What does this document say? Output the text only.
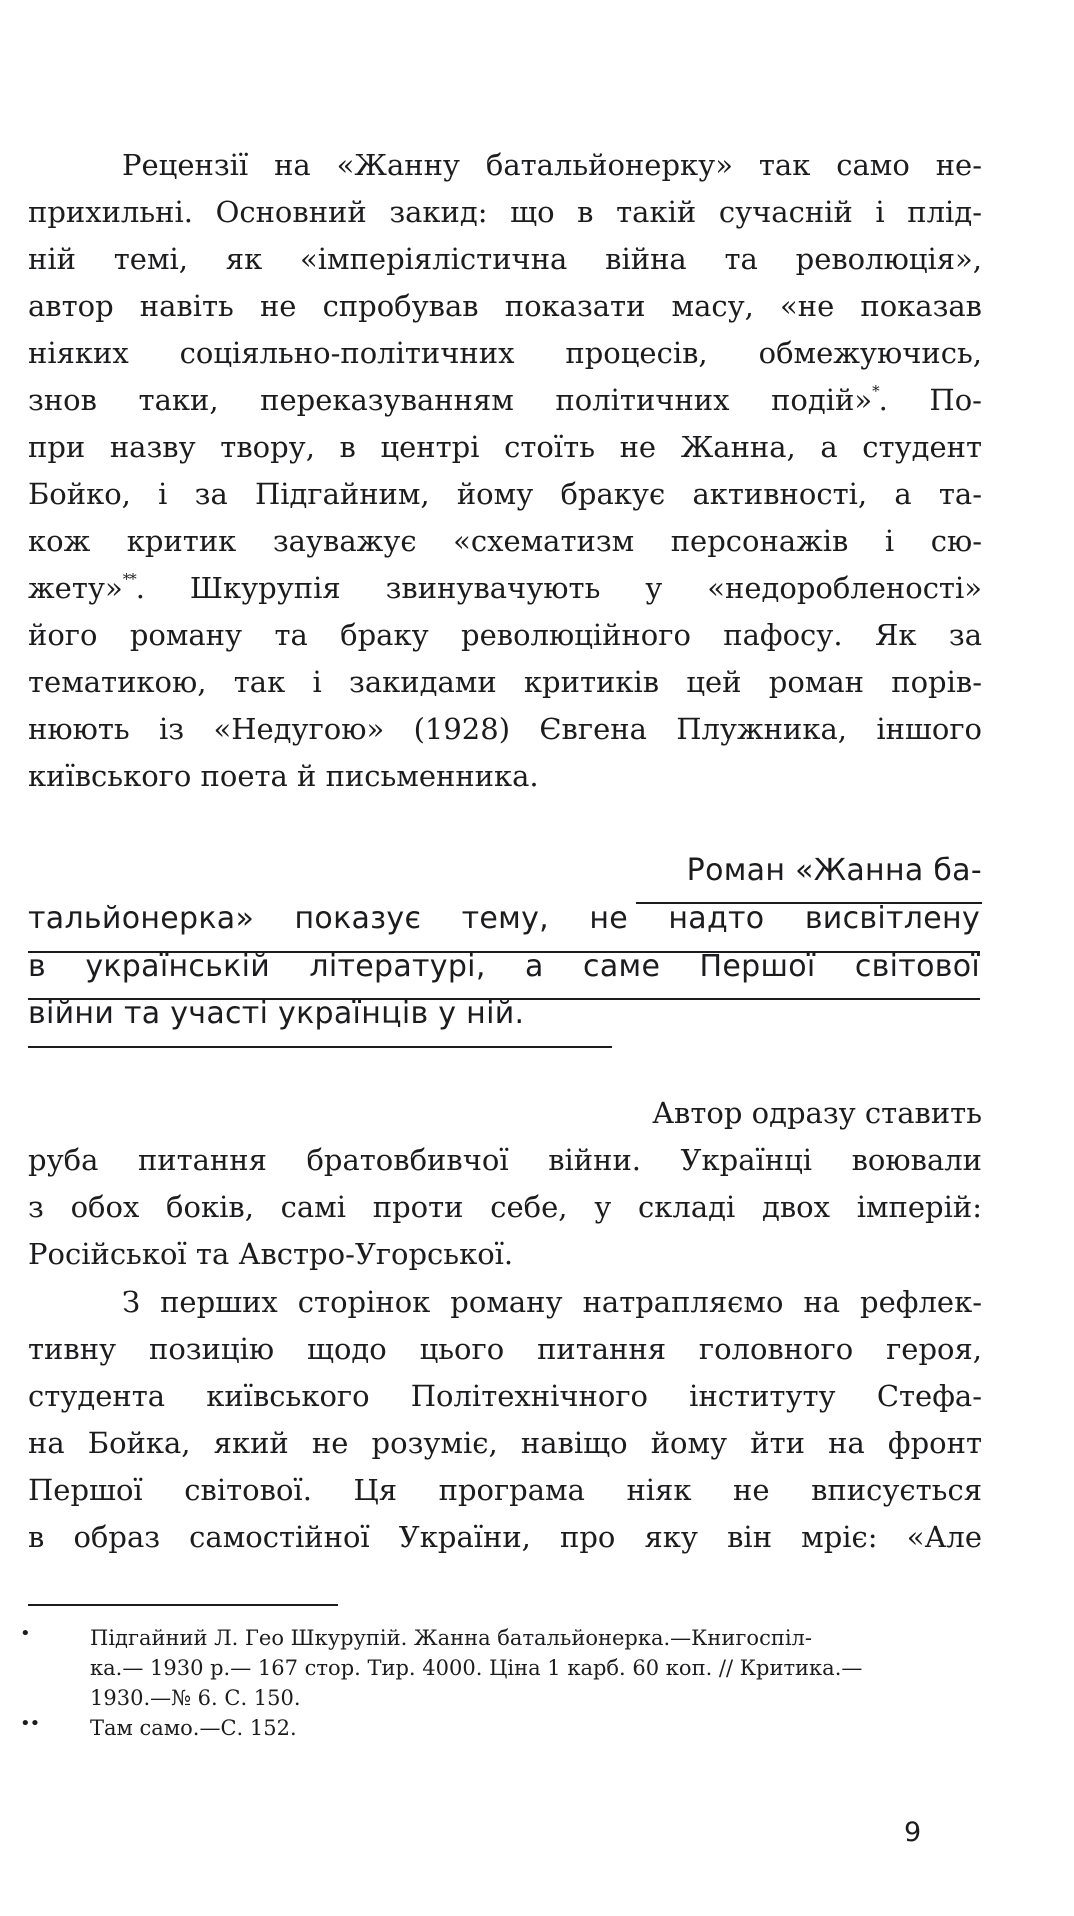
Рецензії на «Жанну батальйонерку» так само не-
прихильні. Основний закид: що в такій сучасній і плід-
ній темі, як «імперіялістична війна та революція»,
автор навіть не спробував показати масу, «не показав
ніяких соціяльно-політичних процесів, обмежуючись,
знов таки, переказуванням політичних подій»*. По-
при назву твору, в центрі стоїть не Жанна, а студент
Бойко, і за Підгайним, йому бракує активності, а та-
кож критик зауважує «схематизм персонажів і сю-
жету»**. Шкурупія звинувачують у «недоробленості»
його роману та браку революційного пафосу. Як за
тематикою, так і закидами критиків цей роман порів-
нюють із «Недугою» (1928) Євгена Плужника, іншого
київського поета й письменника.
Роман «Жанна ба-
тальйонерка» показує тему, не надто висвітлену
в українській літературі, а саме Першої світової
війни та участі українців у ній.
Автор одразу ставить
руба питання братовбивчої війни. Українці воювали
з обох боків, самі проти себе, у складі двох імперій:
Російської та Австро-Угорської.
З перших сторінок роману натрапляємо на рефлек-
тивну позицію щодо цього питання головного героя,
студента київського Політехнічного інституту Стефа-
на Бойка, який не розуміє, навіщо йому йти на фронт
Першої світової. Ця програма ніяк не вписується
в образ самостійної України, про яку він мріє: «Але
•	Підгайний Л. Гео Шкурупій. Жанна батальйонерка.—Книгоспіл-
ка.— 1930 р.— 167 стор. Тир. 4000. Ціна 1 карб. 60 коп. // Критика.—
1930.—№ 6. С. 150.
•• Там само.—С. 152.
9
